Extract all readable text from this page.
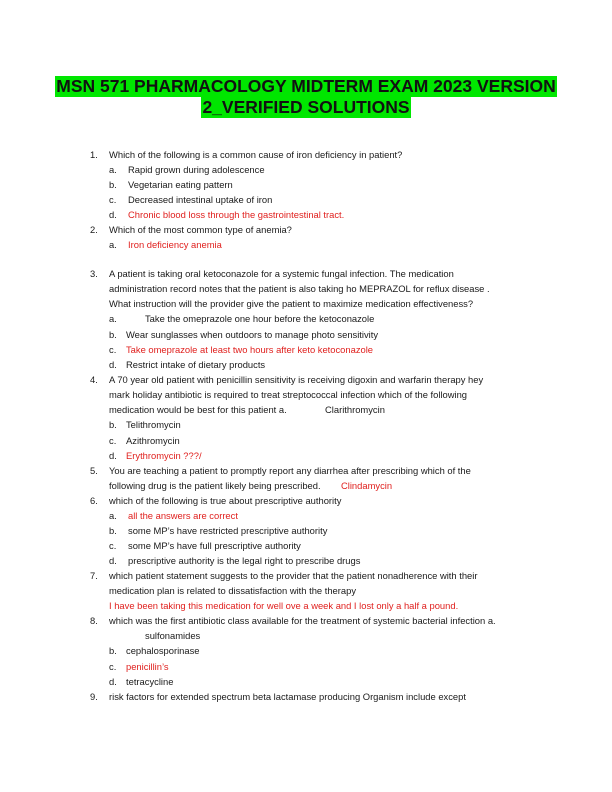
MSN 571 PHARMACOLOGY MIDTERM EXAM 2023 VERSION
2_VERIFIED SOLUTIONS
1. Which of the following is a common cause of iron deficiency in patient?
a. Rapid grown during adolescence
b. Vegetarian eating pattern
c. Decreased intestinal uptake of iron
d. Chronic blood loss through the gastrointestinal tract.
2. Which of the most common type of anemia?
a. Iron deficiency anemia
3. A patient is taking oral ketoconazole for a systemic fungal infection. The medication
administration record notes that the patient is also taking ho MEPRAZOL for reflux disease .
What instruction will the provider give the patient to maximize medication effectiveness?
a.	Take the omeprazole one hour before the ketoconazole
b. Wear sunglasses when outdoors to manage photo sensitivity
c. Take omeprazole at least two hours after keto ketoconazole
d. Restrict intake of dietary products
4. A 70 year old patient with penicillin sensitivity is receiving digoxin and warfarin therapy hey
mark holiday antibiotic is required to treat streptococcal infection which of the following
medication would be best for this patient a.	Clarithromycin
b. Telithromycin
c. Azithromycin
d. Erythromycin ???/
5. You are teaching a patient to promptly report any diarrhea after prescribing which of the
following drug is the patient likely being prescribed. Clindamycin
6. which of the following is true about prescriptive authority
a. all the answers are correct
b. some MP’s have restricted prescriptive authority
c. some MP’s have full prescriptive authority
d. prescriptive authority is the legal right to prescribe drugs
7. which patient statement suggests to the provider that the patient nonadherence with their
medication plan is related to dissatisfaction with the therapy
I have been taking this medication for well ove a week and I lost only a half a pound.
8. which was the first antibiotic class available for the treatment of systemic bacterial infection a.
sulfonamides
b. cephalosporinase
c. penicillin’s
d. tetracycline
9. risk factors for extended spectrum beta lactamase producing Organism include except
